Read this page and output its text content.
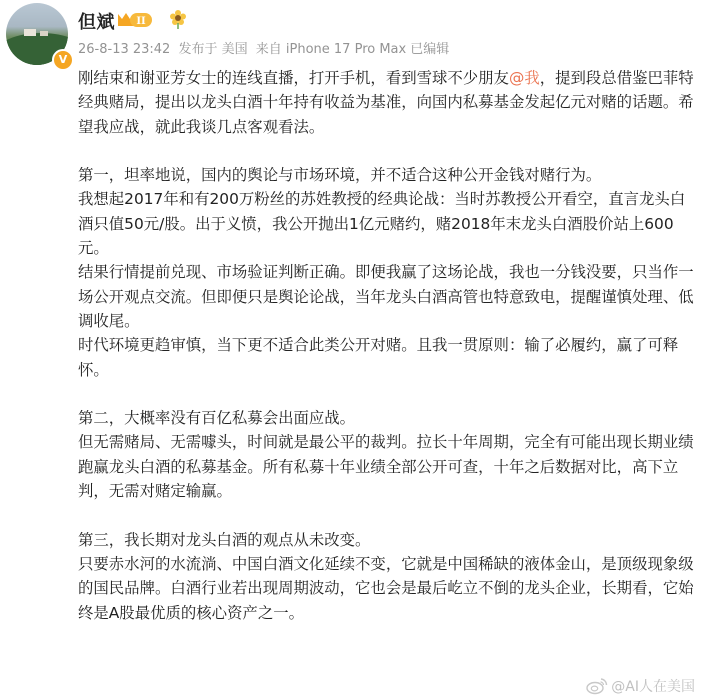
V
但斌 II
26-8-13 23:42 发布于 美国 来自 iPhone 17 Pro Max 已编辑

刚结束和谢亚芳女士的连线直播，打开手机，看到雪球不少朋友@我，提到段总借鉴巴菲特经典赌局，提出以龙头白酒十年持有收益为基准，向国内私募基金发起亿元对赌的话题。希望我应战，就此我谈几点客观看法。

第一，坦率地说，国内的舆论与市场环境，并不适合这种公开金钱对赌行为。

我想起2017年和有200万粉丝的苏姓教授的经典论战：当时苏教授公开看空，直言龙头白酒只值50元/股。出于义愤，我公开抛出1亿元赌约，赌2018年末龙头白酒股价站上600元。

结果行情提前兑现、市场验证判断正确。即便我赢了这场论战，我也一分钱没要，只当作一场公开观点交流。但即便只是舆论论战，当年龙头白酒高管也特意致电，提醒谨慎处理、低调收尾。

时代环境更趋审慎，当下更不适合此类公开对赌。且我一贯原则：输了必履约，赢了可释怀。

第二，大概率没有百亿私募会出面应战。

但无需赌局、无需噱头，时间就是最公平的裁判。拉长十年周期，完全有可能出现长期业绩跑赢龙头白酒的私募基金。所有私募十年业绩全部公开可查，十年之后数据对比，高下立判，无需对赌定输赢。

第三，我长期对龙头白酒的观点从未改变。

只要赤水河的水流淌、中国白酒文化延续不变，它就是中国稀缺的液体金山，是顶级现象级的国民品牌。白酒行业若出现周期波动，它也会是最后屹立不倒的龙头企业，长期看，它始终是A股最优质的核心资产之一。

@AI人在美国
